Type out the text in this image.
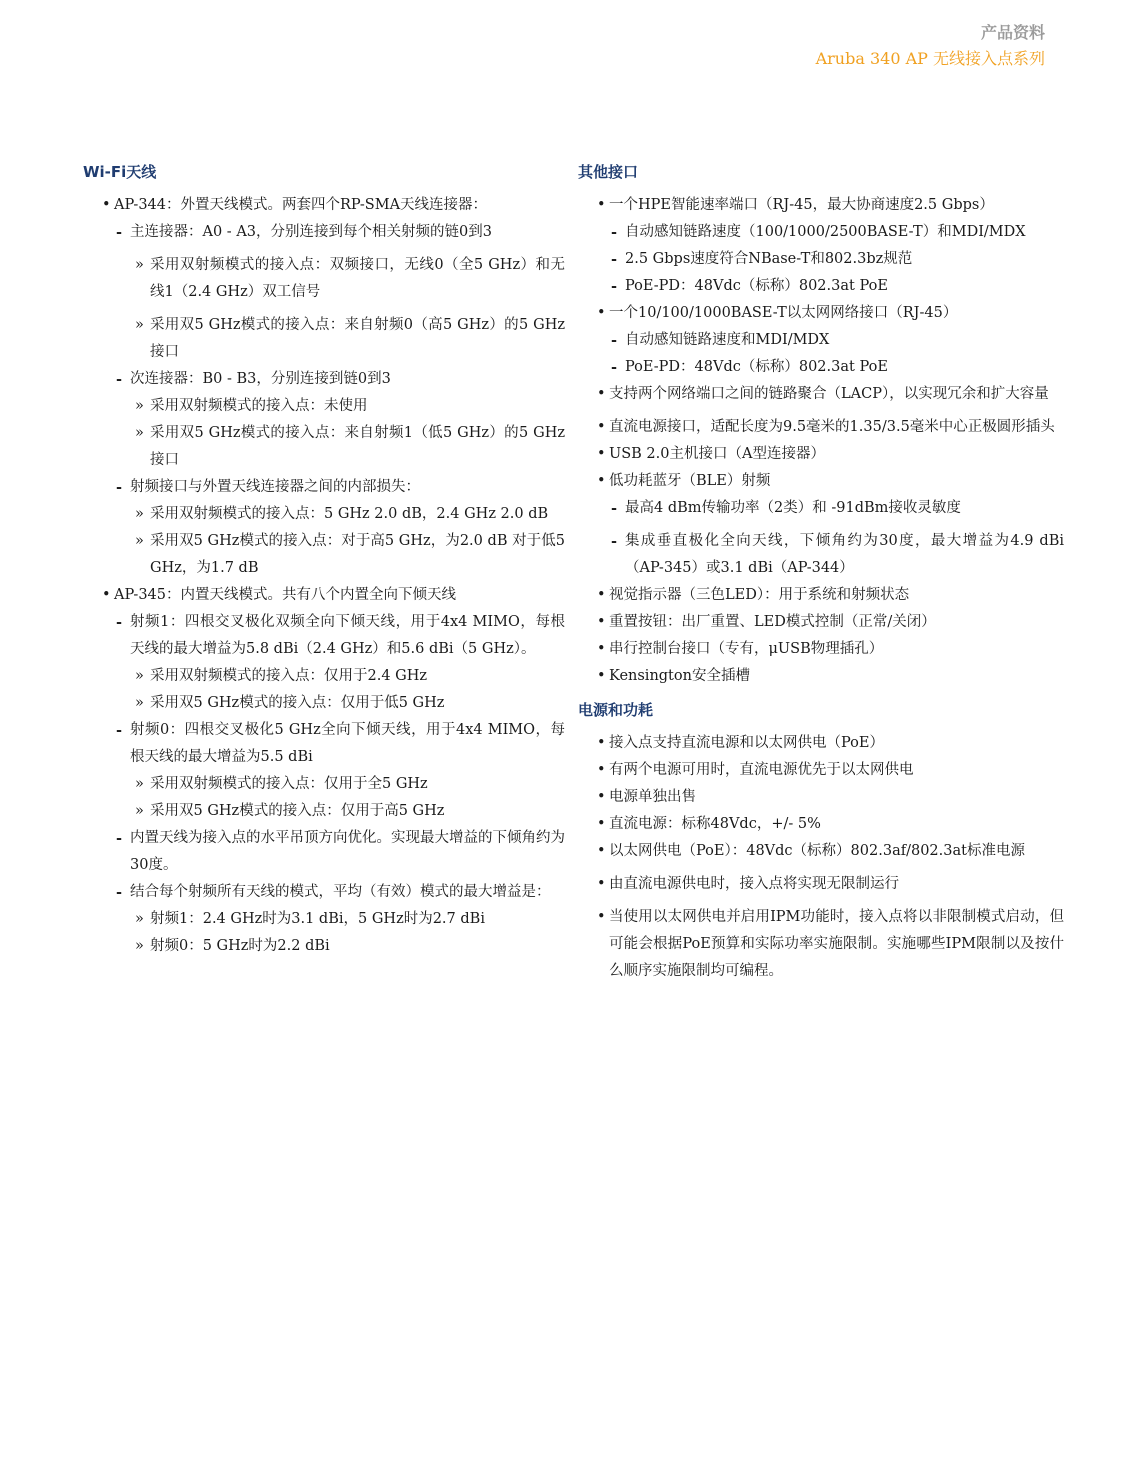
产品资料
Aruba 340 AP 无线接入点系列
Wi-Fi天线
• AP-344：外置天线模式。两套四个RP-SMA天线连接器：
- 主连接器：A0 - A3，分别连接到每个相关射频的链0到3
» 采用双射频模式的接入点：双频接口，无线0（全5 GHz）和无线1（2.4 GHz）双工信号
» 采用双5 GHz模式的接入点：来自射频0（高5 GHz）的5 GHz接口
- 次连接器：B0 - B3，分别连接到链0到3
» 采用双射频模式的接入点：未使用
» 采用双5 GHz模式的接入点：来自射频1（低5 GHz）的5 GHz接口
- 射频接口与外置天线连接器之间的内部损失：
» 采用双射频模式的接入点：5 GHz 2.0 dB，2.4 GHz 2.0 dB
» 采用双5 GHz模式的接入点：对于高5 GHz，为2.0 dB 对于低5 GHz，为1.7 dB
• AP-345：内置天线模式。共有八个内置全向下倾天线
- 射频1：四根交叉极化双频全向下倾天线，用于4x4 MIMO，每根天线的最大增益为5.8 dBi（2.4 GHz）和5.6 dBi（5 GHz）。
» 采用双射频模式的接入点：仅用于2.4 GHz
» 采用双5 GHz模式的接入点：仅用于低5 GHz
- 射频0：四根交叉极化5 GHz全向下倾天线，用于4x4 MIMO，每根天线的最大增益为5.5 dBi
» 采用双射频模式的接入点：仅用于全5 GHz
» 采用双5 GHz模式的接入点：仅用于高5 GHz
- 内置天线为接入点的水平吊顶方向优化。实现最大增益的下倾角约为30度。
- 结合每个射频所有天线的模式，平均（有效）模式的最大增益是：
» 射频1：2.4 GHz时为3.1 dBi，5 GHz时为2.7 dBi
» 射频0：5 GHz时为2.2 dBi
其他接口
• 一个HPE智能速率端口（RJ-45，最大协商速度2.5 Gbps）
- 自动感知链路速度（100/1000/2500BASE-T）和MDI/MDX
- 2.5 Gbps速度符合NBase-T和802.3bz规范
- PoE-PD：48Vdc（标称）802.3at PoE
• 一个10/100/1000BASE-T以太网网络接口（RJ-45）
- 自动感知链路速度和MDI/MDX
- PoE-PD：48Vdc（标称）802.3at PoE
• 支持两个网络端口之间的链路聚合（LACP），以实现冗余和扩大容量
• 直流电源接口，适配长度为9.5毫米的1.35/3.5毫米中心正极圆形插头
• USB 2.0主机接口（A型连接器）
• 低功耗蓝牙（BLE）射频
- 最高4 dBm传输功率（2类）和 -91dBm接收灵敏度
- 集成垂直极化全向天线，下倾角约为30度，最大增益为4.9 dBi（AP-345）或3.1 dBi（AP-344）
• 视觉指示器（三色LED）：用于系统和射频状态
• 重置按钮：出厂重置、LED模式控制（正常/关闭）
• 串行控制台接口（专有，μUSB物理插孔）
• Kensington安全插槽
电源和功耗
• 接入点支持直流电源和以太网供电（PoE）
• 有两个电源可用时，直流电源优先于以太网供电
• 电源单独出售
• 直流电源：标称48Vdc，+/- 5%
• 以太网供电（PoE）：48Vdc（标称）802.3af/802.3at标准电源
• 由直流电源供电时，接入点将实现无限制运行
• 当使用以太网供电并启用IPM功能时，接入点将以非限制模式启动，但可能会根据PoE预算和实际功率实施限制。实施哪些IPM限制以及按什么顺序实施限制均可编程。
